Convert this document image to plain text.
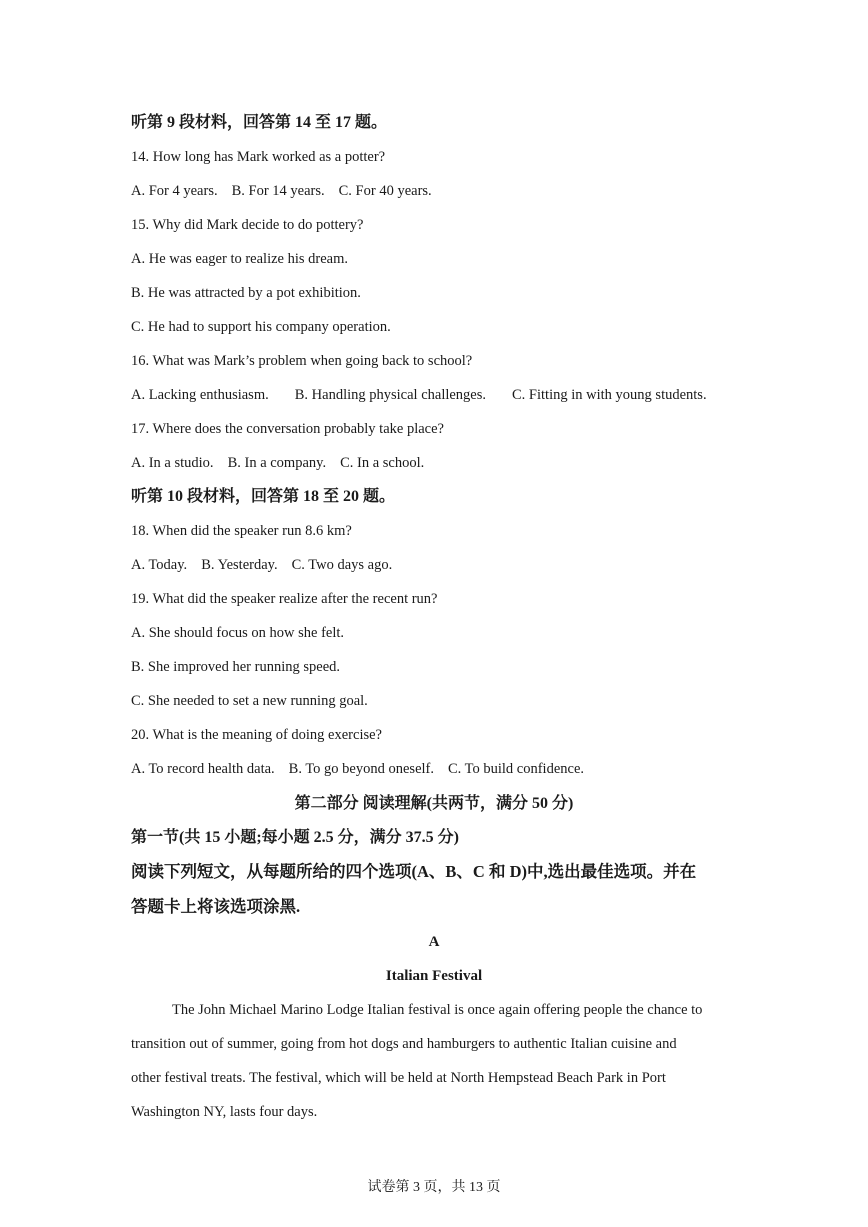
听第 9 段材料，回答第 14 至 17 题。
14. How long has Mark worked as a potter?
A. For 4 years. B. For 14 years. C. For 40 years.
15. Why did Mark decide to do pottery?
A. He was eager to realize his dream.
B. He was attracted by a pot exhibition.
C. He had to support his company operation.
16. What was Mark’s problem when going back to school?
A. Lacking enthusiasm. B. Handling physical challenges. C. Fitting in with young students.
17. Where does the conversation probably take place?
A. In a studio. B. In a company. C. In a school.
听第 10 段材料，回答第 18 至 20 题。
18. When did the speaker run 8.6 km?
A. Today. B. Yesterday. C. Two days ago.
19. What did the speaker realize after the recent run?
A. She should focus on how she felt.
B. She improved her running speed.
C. She needed to set a new running goal.
20. What is the meaning of doing exercise?
A. To record health data. B. To go beyond oneself. C. To build confidence.
第二部分 阅读理解(共两节，满分 50 分)
第一节(共 15 小题;每小题 2.5 分，满分 37.5 分)
阅读下列短文，从每题所给的四个选项(A、B、C 和 D)中,选出最佳选项。并在
答题卡上将该选项涂黑.
A
Italian Festival
The John Michael Marino Lodge Italian festival is once again offering people the chance to
transition out of summer, going from hot dogs and hamburgers to authentic Italian cuisine and
other festival treats. The festival, which will be held at North Hempstead Beach Park in Port
Washington NY, lasts four days.
试卷第 3 页，共 13 页
